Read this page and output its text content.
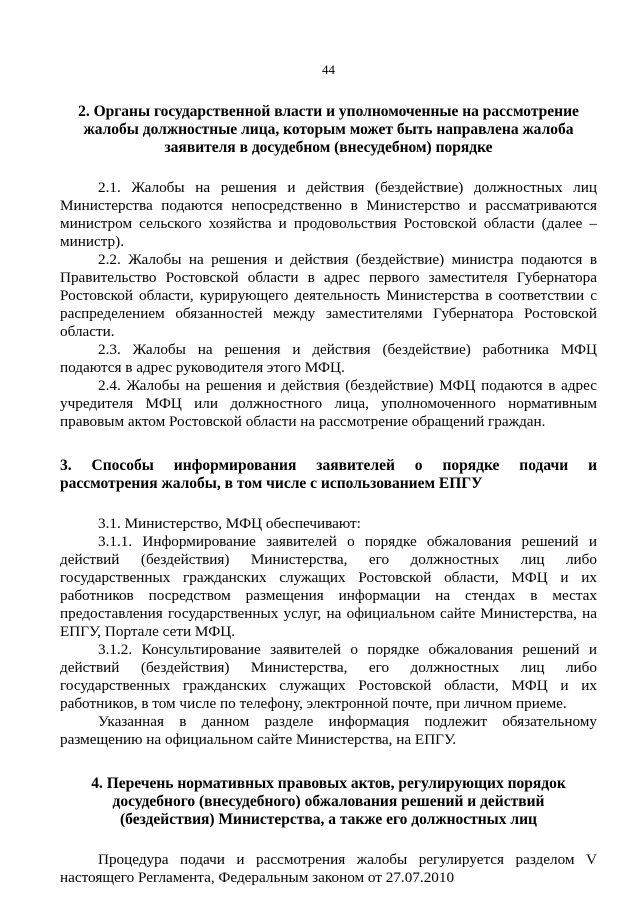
44
2. Органы государственной власти и уполномоченные на рассмотрение жалобы должностные лица, которым может быть направлена жалоба заявителя в досудебном (внесудебном) порядке

2.1. Жалобы на решения и действия (бездействие) должностных лиц Министерства подаются непосредственно в Министерство и рассматриваются министром сельского хозяйства и продовольствия Ростовской области (далее – министр).

2.2. Жалобы на решения и действия (бездействие) министра подаются в Правительство Ростовской области в адрес первого заместителя Губернатора Ростовской области, курирующего деятельность Министерства в соответствии с распределением обязанностей между заместителями Губернатора Ростовской области.

2.3. Жалобы на решения и действия (бездействие) работника МФЦ подаются в адрес руководителя этого МФЦ.

2.4. Жалобы на решения и действия (бездействие) МФЦ подаются в адрес учредителя МФЦ или должностного лица, уполномоченного нормативным правовым актом Ростовской области на рассмотрение обращений граждан.

3. Способы информирования заявителей о порядке подачи и
рассмотрения жалобы, в том числе с использованием ЕПГУ

3.1. Министерство, МФЦ обеспечивают:

3.1.1. Информирование заявителей о порядке обжалования решений и действий (бездействия) Министерства, его должностных лиц либо государственных гражданских служащих Ростовской области, МФЦ и их работников посредством размещения информации на стендах в местах предоставления государственных услуг, на официальном сайте Министерства, на ЕПГУ, Портале сети МФЦ.

3.1.2. Консультирование заявителей о порядке обжалования решений и действий (бездействия) Министерства, его должностных лиц либо государственных гражданских служащих Ростовской области, МФЦ и их работников, в том числе по телефону, электронной почте, при личном приеме.

Указанная в данном разделе информация подлежит обязательному размещению на официальном сайте Министерства, на ЕПГУ.

4. Перечень нормативных правовых актов, регулирующих порядок досудебного (внесудебного) обжалования решений и действий (бездействия) Министерства, а также его должностных лиц

Процедура подачи и рассмотрения жалобы регулируется разделом V настоящего Регламента, Федеральным законом от 27.07.2010
